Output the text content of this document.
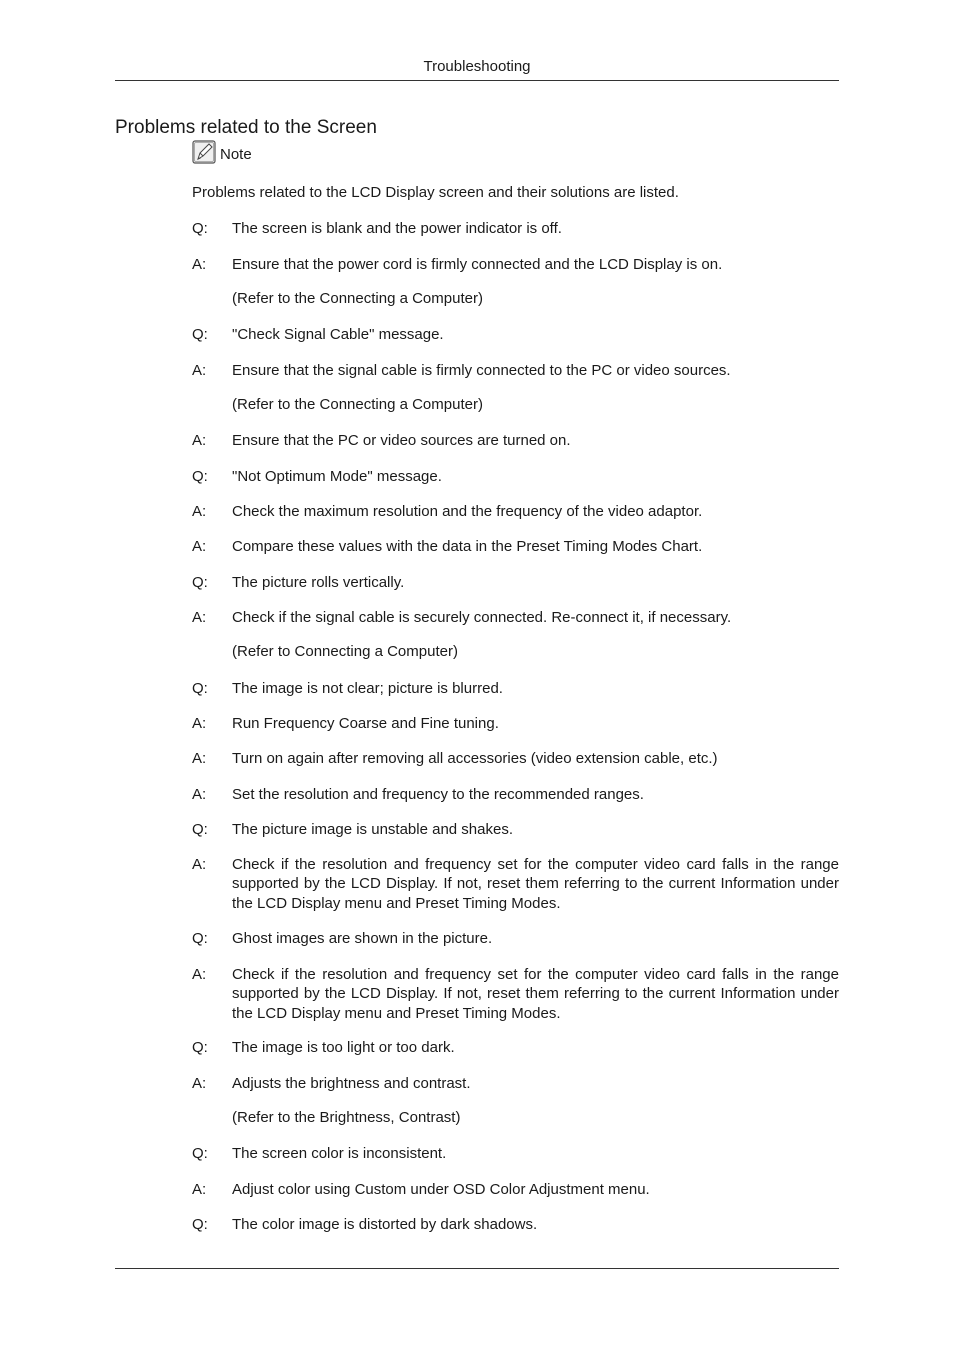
Troubleshooting
Problems related to the Screen
Note
Problems related to the LCD Display screen and their solutions are listed.
Q: The screen is blank and the power indicator is off.
A: Ensure that the power cord is firmly connected and the LCD Display is on.
(Refer to the Connecting a Computer)
Q: "Check Signal Cable" message.
A: Ensure that the signal cable is firmly connected to the PC or video sources.
(Refer to the Connecting a Computer)
A: Ensure that the PC or video sources are turned on.
Q: "Not Optimum Mode" message.
A: Check the maximum resolution and the frequency of the video adaptor.
A: Compare these values with the data in the Preset Timing Modes Chart.
Q: The picture rolls vertically.
A: Check if the signal cable is securely connected. Re-connect it, if necessary.
(Refer to Connecting a Computer)
Q: The image is not clear; picture is blurred.
A: Run Frequency Coarse and Fine tuning.
A: Turn on again after removing all accessories (video extension cable, etc.)
A: Set the resolution and frequency to the recommended ranges.
Q: The picture image is unstable and shakes.
A: Check if the resolution and frequency set for the computer video card falls in the range supported by the LCD Display. If not, reset them referring to the current Information under the LCD Display menu and Preset Timing Modes.
Q: Ghost images are shown in the picture.
A: Check if the resolution and frequency set for the computer video card falls in the range supported by the LCD Display. If not, reset them referring to the current Information under the LCD Display menu and Preset Timing Modes.
Q: The image is too light or too dark.
A: Adjusts the brightness and contrast.
(Refer to the Brightness, Contrast)
Q: The screen color is inconsistent.
A: Adjust color using Custom under OSD Color Adjustment menu.
Q: The color image is distorted by dark shadows.
